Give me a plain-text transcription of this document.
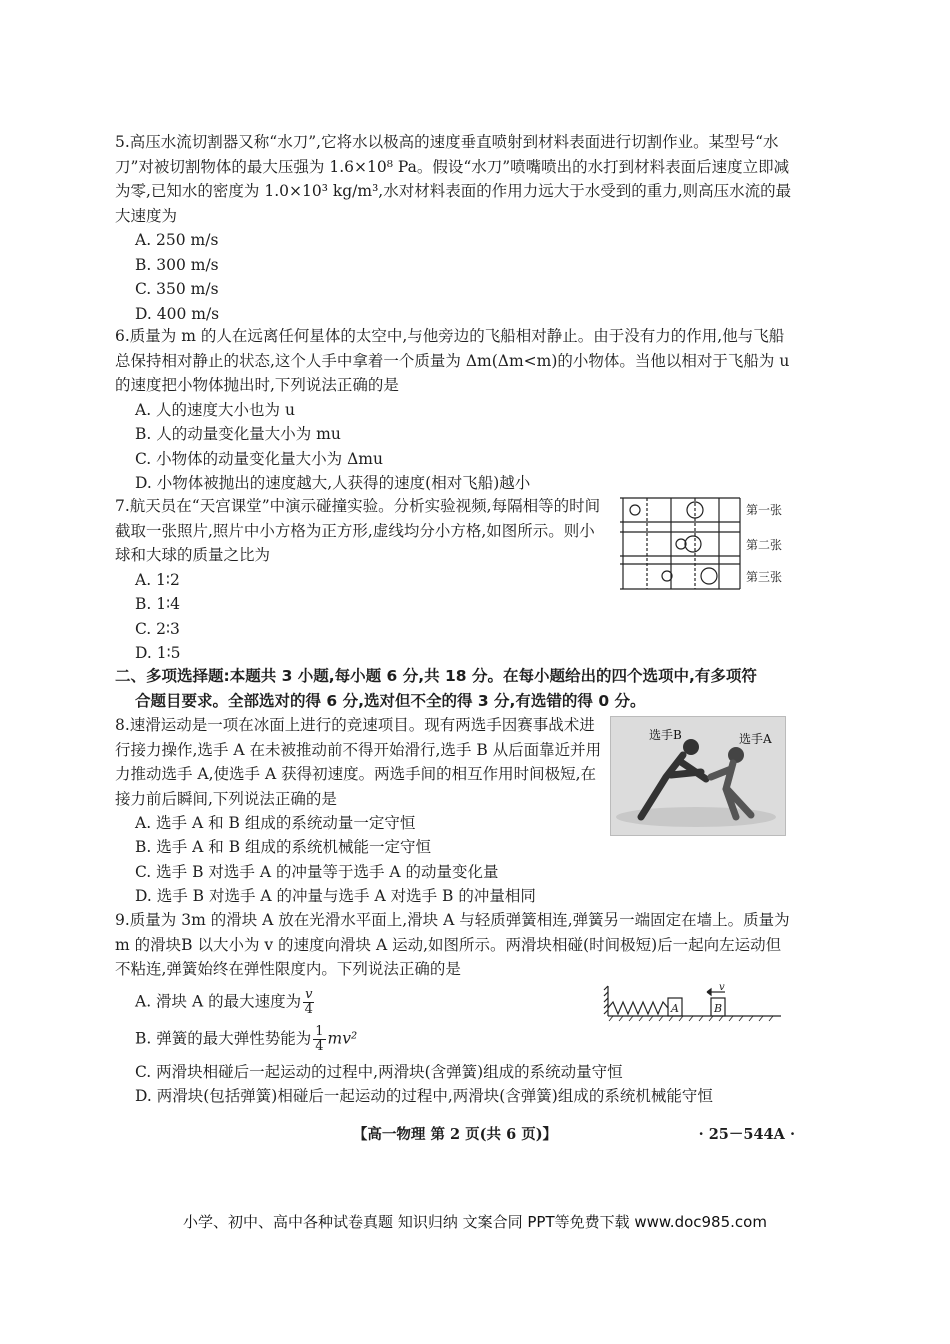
5.高压水流切割器又称“水刀”,它将水以极高的速度垂直喷射到材料表面进行切割作业。某型号“水刀”对被切割物体的最大压强为 1.6×10⁸ Pa。假设“水刀”喷嘴喷出的水打到材料表面后速度立即减为零,已知水的密度为 1.0×10³ kg/m³,水对材料表面的作用力远大于水受到的重力,则高压水流的最大速度为

A. 250 m/s

B. 300 m/s

C. 350 m/s

D. 400 m/s

6.质量为 m 的人在远离任何星体的太空中,与他旁边的飞船相对静止。由于没有力的作用,他与飞船总保持相对静止的状态,这个人手中拿着一个质量为 Δm(Δm<m)的小物体。当他以相对于飞船为 u 的速度把小物体抛出时,下列说法正确的是

A. 人的速度大小也为 u

B. 人的动量变化量大小为 mu

C. 小物体的动量变化量大小为 Δmu

D. 小物体被抛出的速度越大,人获得的速度(相对飞船)越小

7.航天员在“天宫课堂”中演示碰撞实验。分析实验视频,每隔相等的时间截取一张照片,照片中小方格为正方形,虚线均分小方格,如图所示。则小球和大球的质量之比为

A. 1∶2

B. 1∶4

C. 2∶3

D. 1∶5

第一张
第二张
第三张
二、多项选择题:本题共 3 小题,每小题 6 分,共 18 分。在每小题给出的四个选项中,有多项符
合题目要求。全部选对的得 6 分,选对但不全的得 3 分,有选错的得 0 分。

8.速滑运动是一项在冰面上进行的竞速项目。现有两选手因赛事战术进行接力操作,选手 A 在未被推动前不得开始滑行,选手 B 从后面靠近并用力推动选手 A,使选手 A 获得初速度。两选手间的相互作用时间极短,在接力前后瞬间,下列说法正确的是

A. 选手 A 和 B 组成的系统动量一定守恒

B. 选手 A 和 B 组成的系统机械能一定守恒

C. 选手 B 对选手 A 的冲量等于选手 A 的动量变化量

D. 选手 B 对选手 A 的冲量与选手 A 对选手 B 的冲量相同

选手B	选手A

9.质量为 3m 的滑块 A 放在光滑水平面上,滑块 A 与轻质弹簧相连,弹簧另一端固定在墙上。质量为 m 的滑块B 以大小为 v 的速度向滑块 A 运动,如图所示。两滑块相碰(时间极短)后一起向左运动但不粘连,弹簧始终在弹性限度内。下列说法正确的是

A. 滑块 A 的最大速度为 $\frac{v}{4}$

B. 弹簧的最大弹性势能为 $\frac{1}{4} mv^2$

C. 两滑块相碰后一起运动的过程中,两滑块(含弹簧)组成的系统动量守恒

D. 两滑块(包括弹簧)相碰后一起运动的过程中,两滑块(含弹簧)组成的系统机械能守恒

A	B
v
【高一物理 第 2 页(共 6 页)】	· 25－544A ·
小学、初中、高中各种试卷真题 知识归纳 文案合同 PPT等免费下载 www.doc985.com
